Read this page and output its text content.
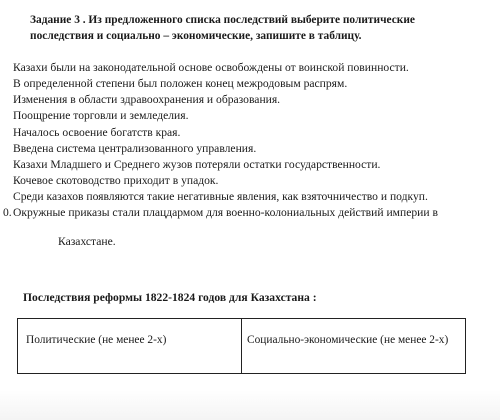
Задание 3 . Из предложенного списка последствий выберите политические последствия и социально – экономические, запишите в таблицу.
Казахи были на законодательной основе освобождены от воинской повинности.
В определенной степени был положен конец межродовым распрям.
Изменения в области здравоохранения и образования.
Поощрение торговли и земледелия.
Началось освоение богатств края.
Введена система централизованного управления.
Казахи Младшего и Среднего жузов потеряли остатки государственности.
Кочевое скотоводство приходит в упадок.
Среди казахов появляются такие негативные явления, как взяточничество и подкуп.
0. Окружные приказы стали плацдармом для военно-колониальных действий империи в
Казахстане.
Последствия реформы 1822-1824 годов для Казахстана :
Политические (не менее 2-х)	Социально-экономические (не менее 2-х)
